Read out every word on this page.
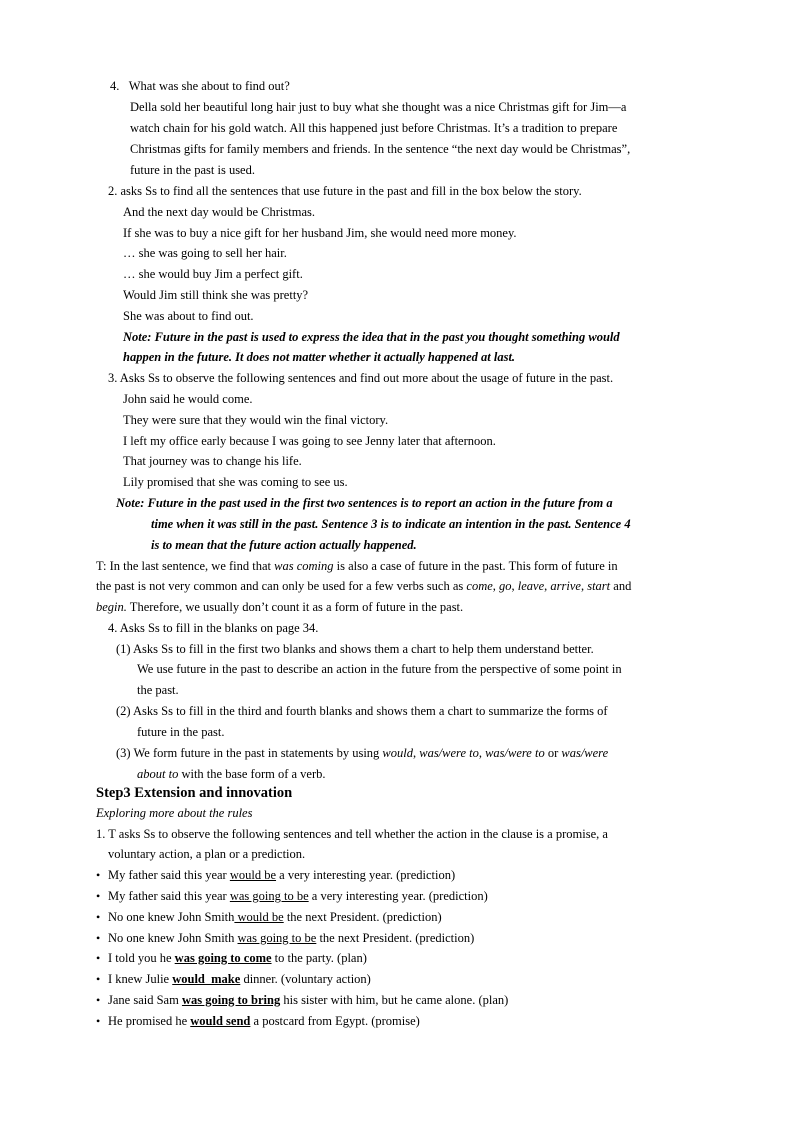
4. What was she about to find out?
Della sold her beautiful long hair just to buy what she thought was a nice Christmas gift for Jim—a
watch chain for his gold watch. All this happened just before Christmas. It’s a tradition to prepare
Christmas gifts for family members and friends. In the sentence “the next day would be Christmas”,
future in the past is used.
2. asks Ss to find all the sentences that use future in the past and fill in the box below the story.
And the next day would be Christmas.
If she was to buy a nice gift for her husband Jim, she would need more money.
… she was going to sell her hair.
… she would buy Jim a perfect gift.
Would Jim still think she was pretty?
She was about to find out.
Note: Future in the past is used to express the idea that in the past you thought something would
happen in the future. It does not matter whether it actually happened at last.
3. Asks Ss to observe the following sentences and find out more about the usage of future in the past.
John said he would come.
They were sure that they would win the final victory.
I left my office early because I was going to see Jenny later that afternoon.
That journey was to change his life.
Lily promised that she was coming to see us.
Note: Future in the past used in the first two sentences is to report an action in the future from a
time when it was still in the past. Sentence 3 is to indicate an intention in the past. Sentence 4
is to mean that the future action actually happened.
T: In the last sentence, we find that was coming is also a case of future in the past. This form of future in
the past is not very common and can only be used for a few verbs such as come, go, leave, arrive, start and
begin. Therefore, we usually don’t count it as a form of future in the past.
4. Asks Ss to fill in the blanks on page 34.
(1) Asks Ss to fill in the first two blanks and shows them a chart to help them understand better.
We use future in the past to describe an action in the future from the perspective of some point in
the past.
(2) Asks Ss to fill in the third and fourth blanks and shows them a chart to summarize the forms of
future in the past.
(3) We form future in the past in statements by using would, was/were to, was/were to or was/were
about to with the base form of a verb.
Step3 Extension and innovation
Exploring more about the rules
1. T asks Ss to observe the following sentences and tell whether the action in the clause is a promise, a
voluntary action, a plan or a prediction.
• My father said this year would be a very interesting year. (prediction)
• My father said this year was going to be a very interesting year. (prediction)
• No one knew John Smith would be the next President. (prediction)
• No one knew John Smith was going to be the next President. (prediction)
• I told you he was going to come to the party. (plan)
• I knew Julie would  make dinner. (voluntary action)
• Jane said Sam was going to bring his sister with him, but he came alone. (plan)
• He promised he would send a postcard from Egypt. (promise)
